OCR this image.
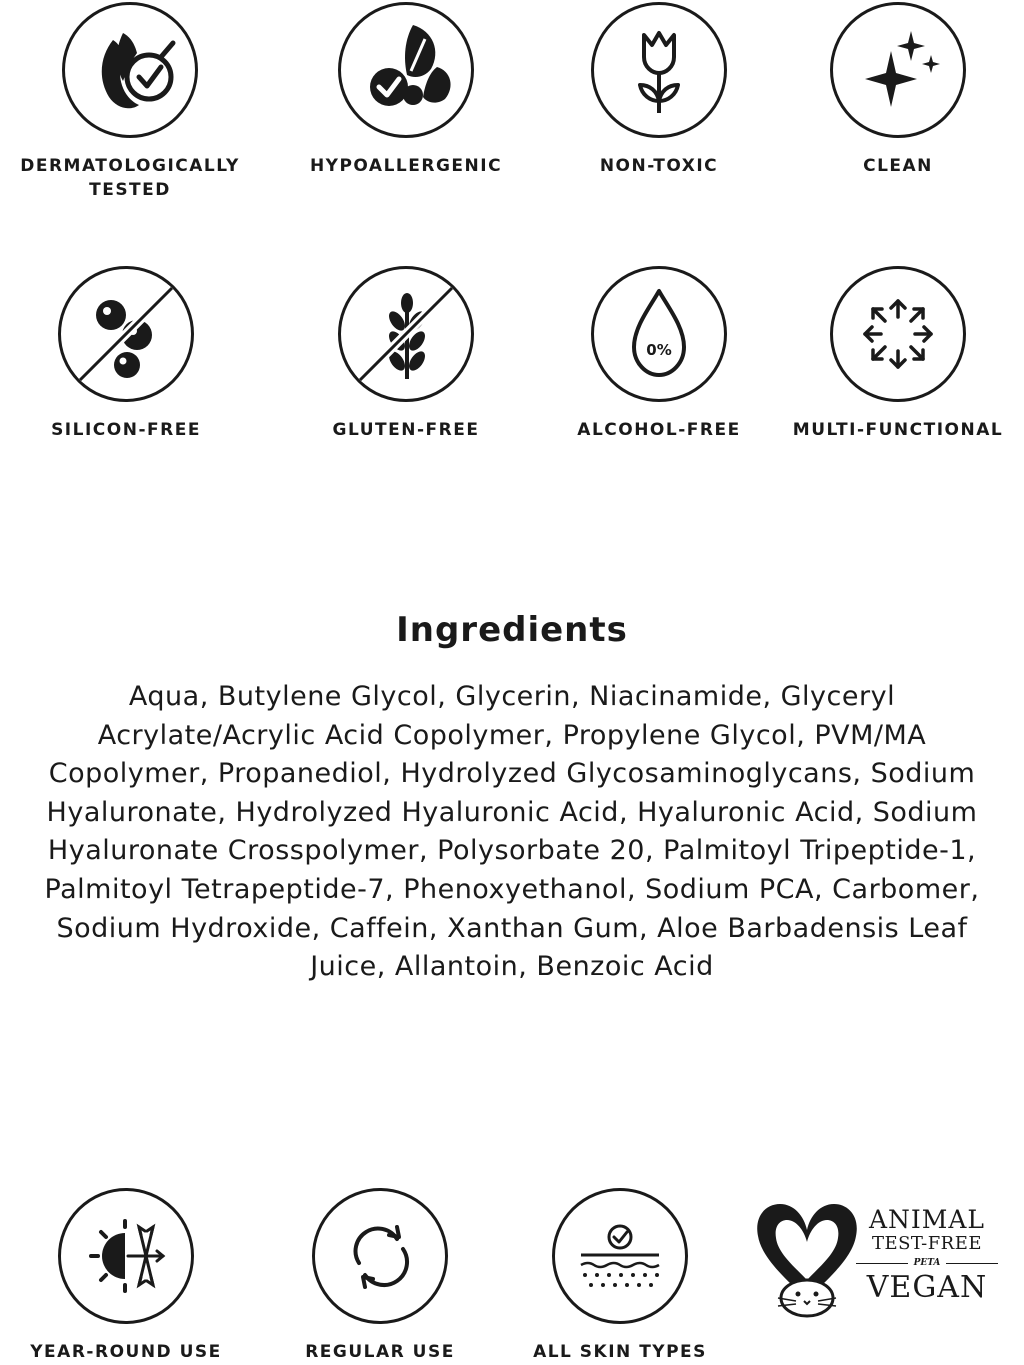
DERMATOLOGICALLY
TESTED
HYPOALLERGENIC	NON-TOXIC	CLEAN
SILICON-FREE	GLUTEN-FREE
0%
ALCOHOL-FREE	MULTI-FUNCTIONAL
Ingredients

Aqua, Butylene Glycol, Glycerin, Niacinamide, Glyceryl Acrylate/Acrylic Acid Copolymer, Propylene Glycol, PVM/MA Copolymer, Propanediol, Hydrolyzed Glycosaminoglycans, Sodium Hyaluronate, Hydrolyzed Hyaluronic Acid, Hyaluronic Acid, Sodium Hyaluronate Crosspolymer, Polysorbate 20, Palmitoyl Tripeptide-1, Palmitoyl Tetrapeptide-7, Phenoxyethanol, Sodium PCA, Carbomer, Sodium Hydroxide, Caffein, Xanthan Gum, Aloe Barbadensis Leaf Juice, Allantoin, Benzoic Acid

YEAR-ROUND USE	REGULAR USE	ALL SKIN TYPES
ANIMAL
TEST-FREE
PETA
VEGAN
